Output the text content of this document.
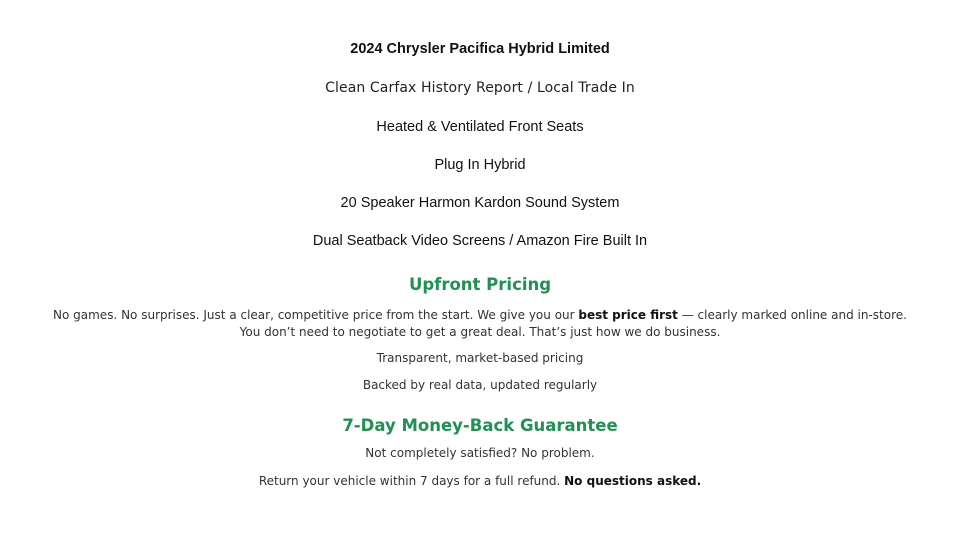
2024 Chrysler Pacifica Hybrid Limited
Clean Carfax History Report / Local Trade In
Heated & Ventilated Front Seats
Plug In Hybrid
20 Speaker Harmon Kardon Sound System
Dual Seatback Video Screens / Amazon Fire Built In
Upfront Pricing
No games. No surprises. Just a clear, competitive price from the start. We give you our best price first — clearly marked online and in-store. You don’t need to negotiate to get a great deal. That’s just how we do business.
Transparent, market-based pricing
Backed by real data, updated regularly
7-Day Money-Back Guarantee
Not completely satisfied? No problem.
Return your vehicle within 7 days for a full refund. No questions asked.
